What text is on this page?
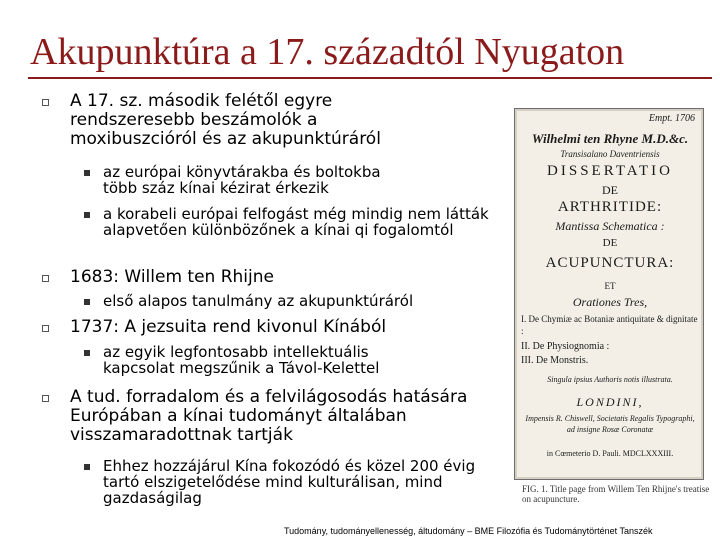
Akupunktúra a 17. századtól Nyugaton
A 17. sz. második felétől egyre rendszeresebb beszámolók a moxibuszcióról és az akupunktúráról
az európai könyvtárakba és boltokba több száz kínai kézirat érkezik
a korabeli európai felfogást még mindig nem látták alapvetően különbözőnek a kínai qi fogalomtól
1683: Willem ten Rhijne
első alapos tanulmány az akupunktúráról
1737: A jezsuita rend kivonul Kínából
az egyik legfontosabb intellektuális kapcsolat megszűnik a Távol-Kelettel
A tud. forradalom és a felvilágosodás hatására Európában a kínai tudományt általában visszamaradottnak tartják
Ehhez hozzájárul Kína fokozódó és közel 200 évig tartó elszigetelődése mind kulturálisan, mind gazdaságilag
Empt. 1706
Wilhelmi ten Rhyne M.D.&c.
Transisalano Daventriensis
DISSERTATIO
DE
ARTHRITIDE:
Mantissa Schematica :
DE
ACUPUNCTURA:
ET
Orationes Tres,
I. De Chymiæ ac Botaniæ antiquitate & dignitate :
II. De Physiognomia :
III. De Monstris.
Singula ipsius Authoris notis illustrata.
LONDINI,
Impensis R. Chiswell, Societatis Regalis Typographi, ad insigne Rosæ Coronatæ
in Cœmeterio D. Pauli. MDCLXXXIII.
FIG. 1. Title page from Willem Ten Rhijne's treatise on acupuncture.
Tudomány, tudományellenesség, áltudomány – BME Filozófia és Tudománytörténet Tanszék
